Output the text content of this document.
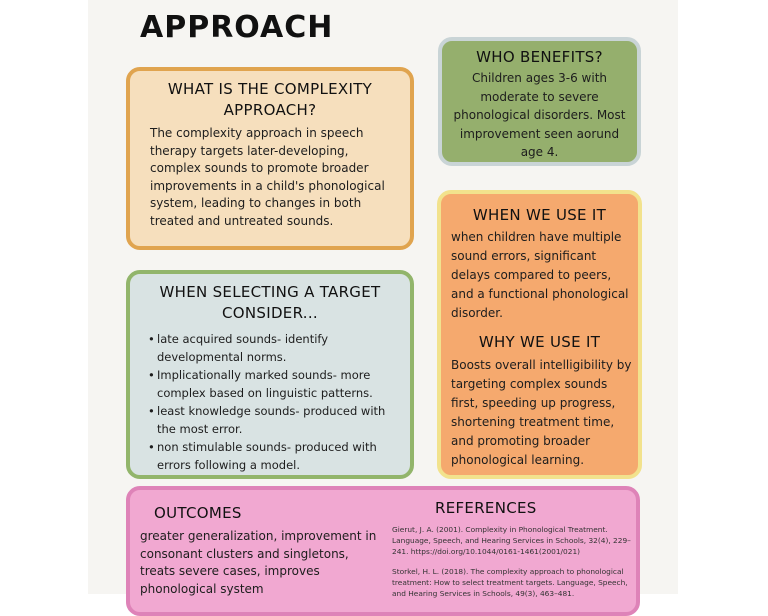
APPROACH
WHAT IS THE COMPLEXITY APPROACH?

The complexity approach in speech therapy targets later-developing, complex sounds to promote broader improvements in a child's phonological system, leading to changes in both treated and untreated sounds.

WHO BENEFITS?

Children ages 3-6 with moderate to severe phonological disorders. Most improvement seen aorund age 4.

WHEN WE USE IT

when children have multiple sound errors, significant delays compared to peers, and a functional phonological disorder.

WHY WE USE IT

Boosts overall intelligibility by targeting complex sounds first, speeding up progress, shortening treatment time, and promoting broader phonological learning.

WHEN SELECTING A TARGET CONSIDER...
• late acquired sounds- identify developmental norms.
• Implicationally marked sounds- more complex based on linguistic patterns.
• least knowledge sounds- produced with the most error.
• non stimulable sounds- produced with errors following a model.
OUTCOMES

greater generalization, improvement in consonant clusters and singletons, treats severe cases, improves phonological system

REFERENCES

Gierut, J. A. (2001). Complexity in Phonological Treatment. Language, Speech, and Hearing Services in Schools, 32(4), 229–241. https://doi.org/10.1044/0161-1461(2001/021)

Storkel, H. L. (2018). The complexity approach to phonological treatment: How to select treatment targets. Language, Speech, and Hearing Services in Schools, 49(3), 463–481.
